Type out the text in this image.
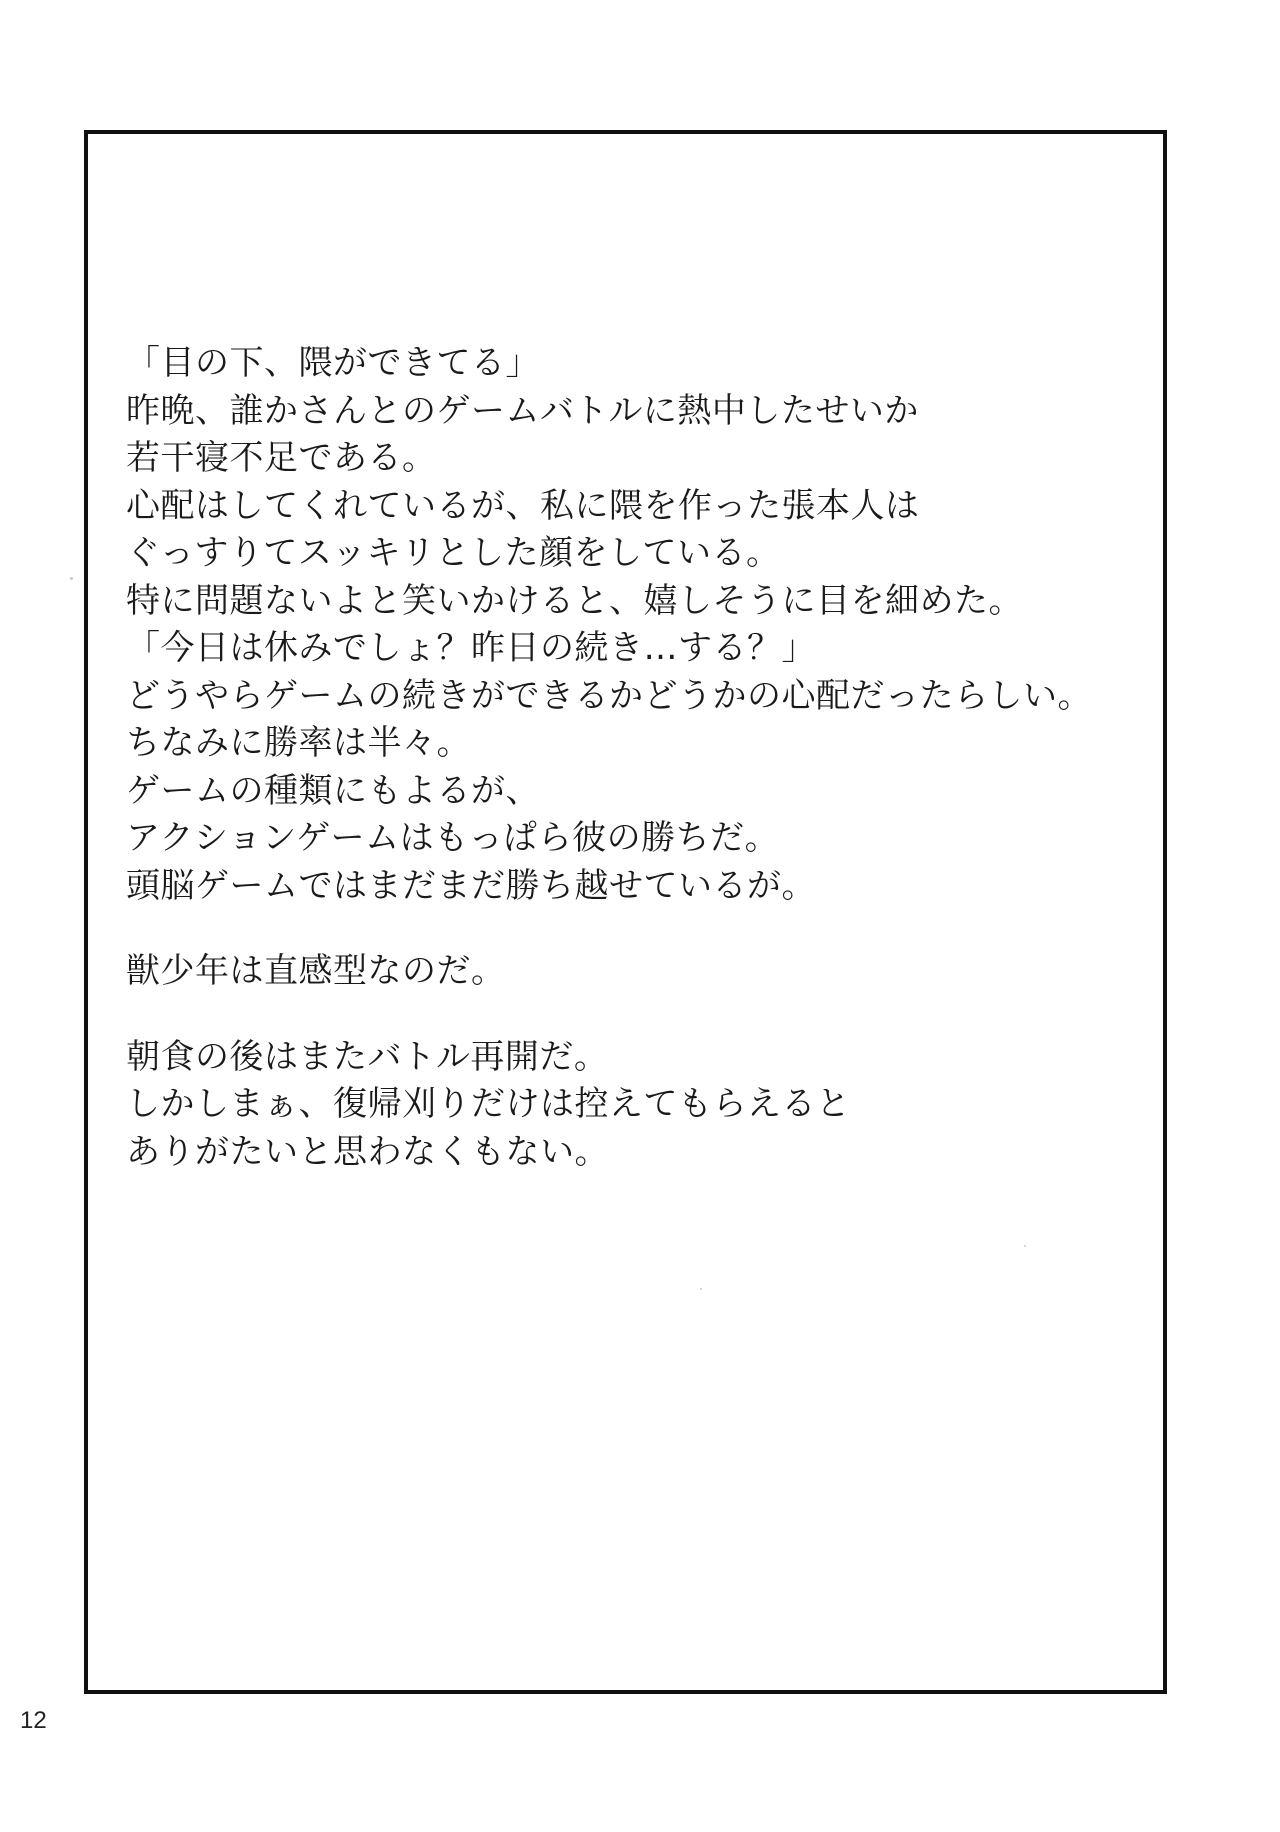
「目の下、隈ができてる」
昨晩、誰かさんとのゲームバトルに熱中したせいか
若干寝不足である。
心配はしてくれているが、私に隈を作った張本人は
ぐっすりてスッキリとした顔をしている。
特に問題ないよと笑いかけると、嬉しそうに目を細めた。
「今日は休みでしょ？昨日の続き…する？」
どうやらゲームの続きができるかどうかの心配だったらしい。
ちなみに勝率は半々。
ゲームの種類にもよるが、
アクションゲームはもっぱら彼の勝ちだ。
頭脳ゲームではまだまだ勝ち越せているが。
獣少年は直感型なのだ。
朝食の後はまたバトル再開だ。
しかしまぁ、復帰刈りだけは控えてもらえると
ありがたいと思わなくもない。
12
